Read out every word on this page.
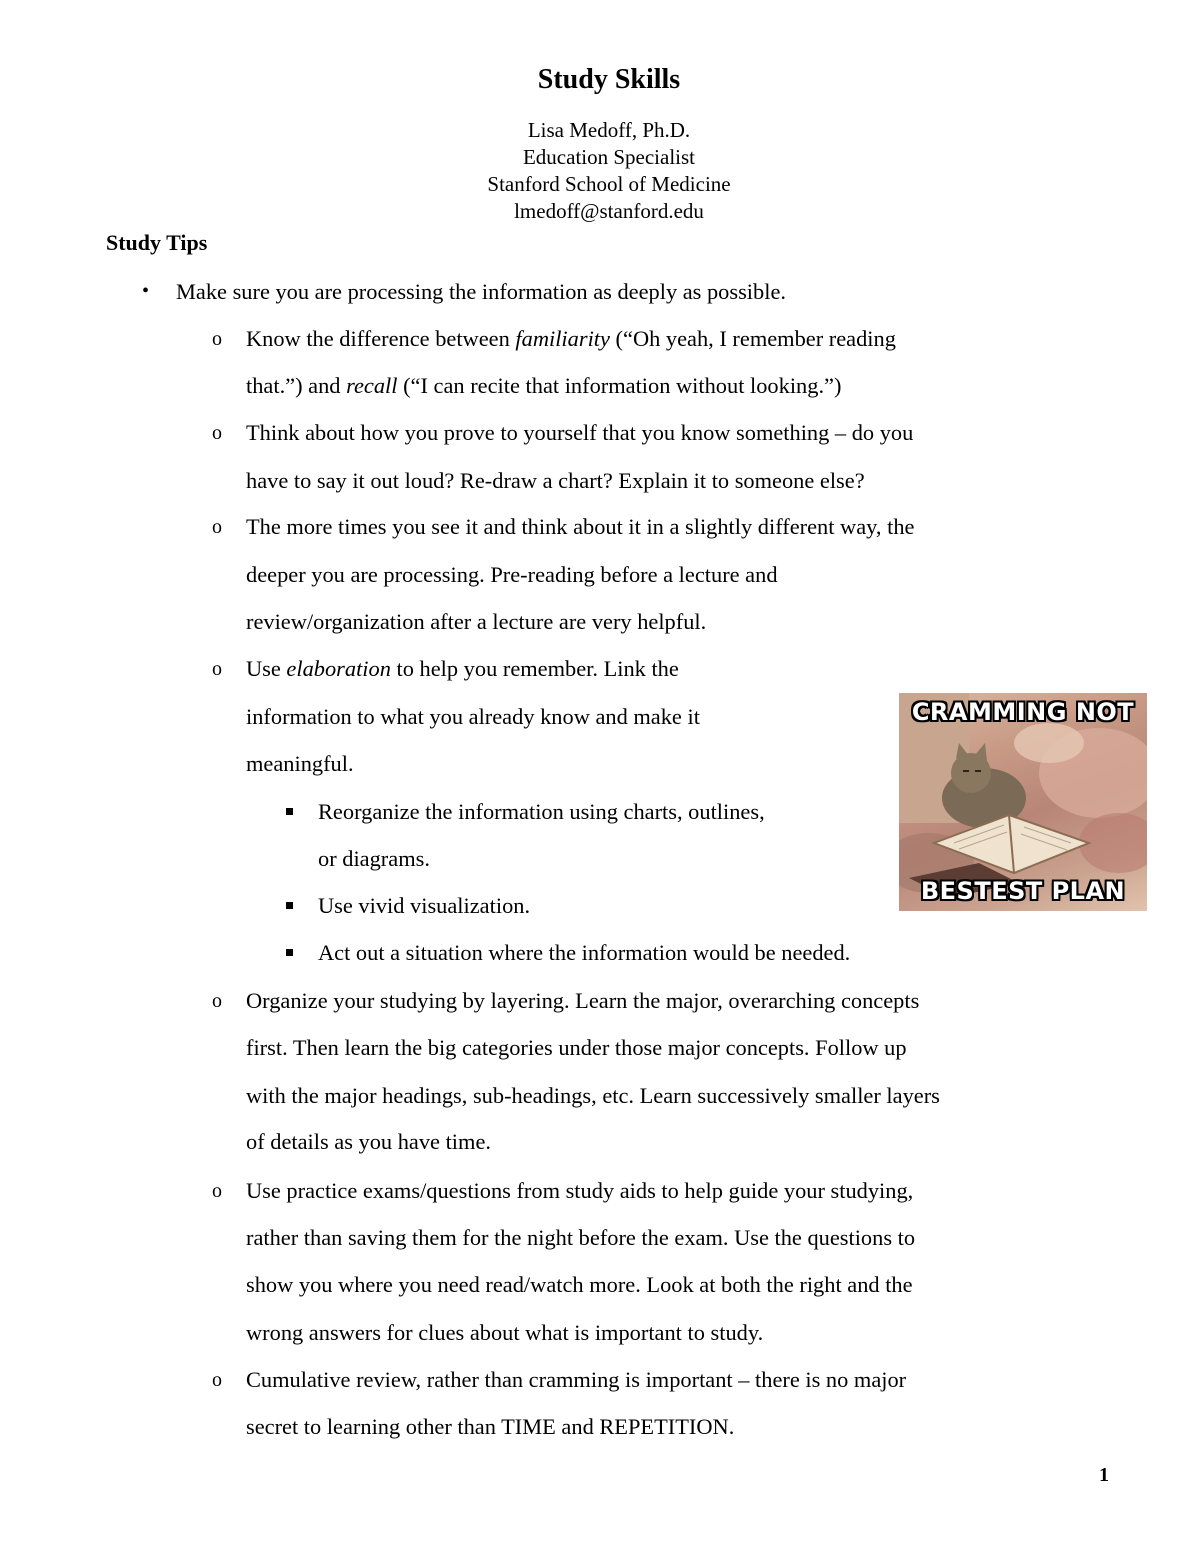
Study Skills
Lisa Medoff, Ph.D.
Education Specialist
Stanford School of Medicine
lmedoff@stanford.edu
Study Tips
• Make sure you are processing the information as deeply as possible.
o Know the difference between familiarity (“Oh yeah, I remember reading
that.”) and recall (“I can recite that information without looking.”)
o Think about how you prove to yourself that you know something – do you
have to say it out loud? Re-draw a chart? Explain it to someone else?
o The more times you see it and think about it in a slightly different way, the
deeper you are processing. Pre-reading before a lecture and
review/organization after a lecture are very helpful.
o Use elaboration to help you remember. Link the
information to what you already know and make it
meaningful.
Reorganize the information using charts, outlines,
or diagrams.
Use vivid visualization.
Act out a situation where the information would be needed.
o Organize your studying by layering. Learn the major, overarching concepts
first. Then learn the big categories under those major concepts. Follow up
with the major headings, sub-headings, etc. Learn successively smaller layers
of details as you have time.
o Use practice exams/questions from study aids to help guide your studying,
rather than saving them for the night before the exam. Use the questions to
show you where you need read/watch more. Look at both the right and the
wrong answers for clues about what is important to study.
o Cumulative review, rather than cramming is important – there is no major
secret to learning other than TIME and REPETITION.
CRAMMING NOT
BESTEST PLAN
1
